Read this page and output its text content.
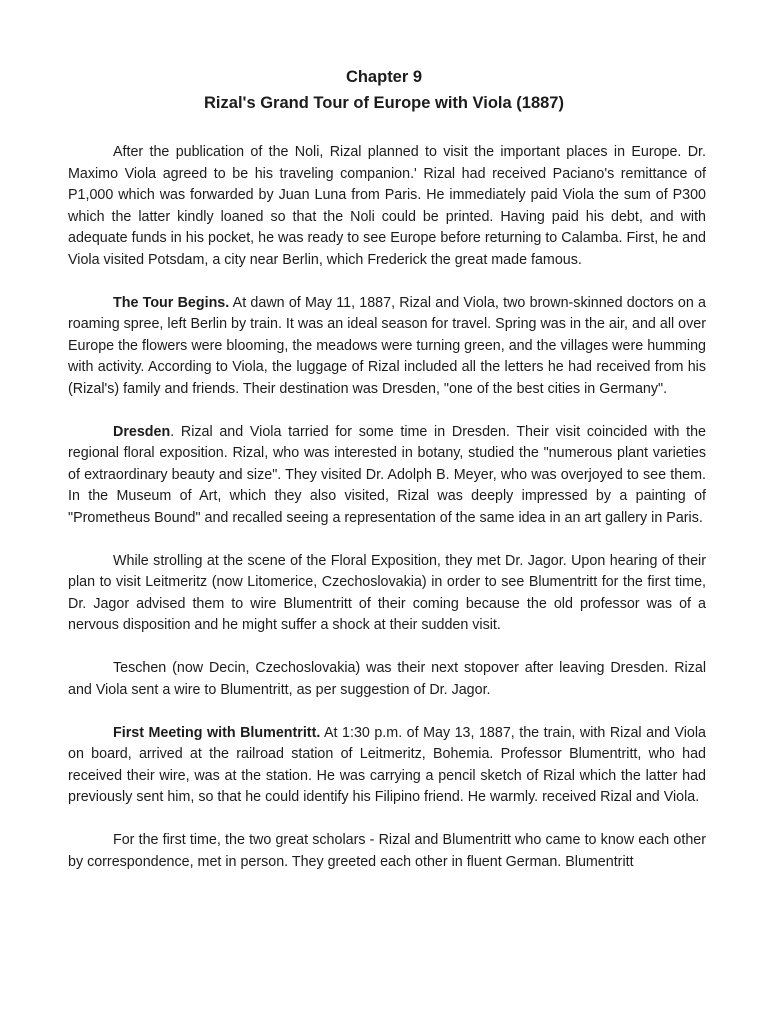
Chapter 9
Rizal's Grand Tour of Europe with Viola (1887)

After the publication of the Noli, Rizal planned to visit the important places in Europe. Dr. Maximo Viola agreed to be his traveling companion.' Rizal had received Paciano's remittance of P1,000 which was forwarded by Juan Luna from Paris. He immediately paid Viola the sum of P300 which the latter kindly loaned so that the Noli could be printed. Having paid his debt, and with adequate funds in his pocket, he was ready to see Europe before returning to Calamba. First, he and Viola visited Potsdam, a city near Berlin, which Frederick the great made famous.

The Tour Begins. At dawn of May 11, 1887, Rizal and Viola, two brown-skinned doctors on a roaming spree, left Berlin by train. It was an ideal season for travel. Spring was in the air, and all over Europe the flowers were blooming, the meadows were turning green, and the villages were humming with activity. According to Viola, the luggage of Rizal included all the letters he had received from his (Rizal's) family and friends. Their destination was Dresden, "one of the best cities in Germany".

Dresden. Rizal and Viola tarried for some time in Dresden. Their visit coincided with the regional floral exposition. Rizal, who was interested in botany, studied the "numerous plant varieties of extraordinary beauty and size". They visited Dr. Adolph B. Meyer, who was overjoyed to see them. In the Museum of Art, which they also visited, Rizal was deeply impressed by a painting of "Prometheus Bound" and recalled seeing a representation of the same idea in an art gallery in Paris.

While strolling at the scene of the Floral Exposition, they met Dr. Jagor. Upon hearing of their plan to visit Leitmeritz (now Litomerice, Czechoslovakia) in order to see Blumentritt for the first time, Dr. Jagor advised them to wire Blumentritt of their coming because the old professor was of a nervous disposition and he might suffer a shock at their sudden visit.

Teschen (now Decin, Czechoslovakia) was their next stopover after leaving Dresden. Rizal and Viola sent a wire to Blumentritt, as per suggestion of Dr. Jagor.

First Meeting with Blumentritt. At 1:30 p.m. of May 13, 1887, the train, with Rizal and Viola on board, arrived at the railroad station of Leitmeritz, Bohemia. Professor Blumentritt, who had received their wire, was at the station. He was carrying a pencil sketch of Rizal which the latter had previously sent him, so that he could identify his Filipino friend. He warmly. received Rizal and Viola.

For the first time, the two great scholars - Rizal and Blumentritt who came to know each other by correspondence, met in person. They greeted each other in fluent German. Blumentritt
